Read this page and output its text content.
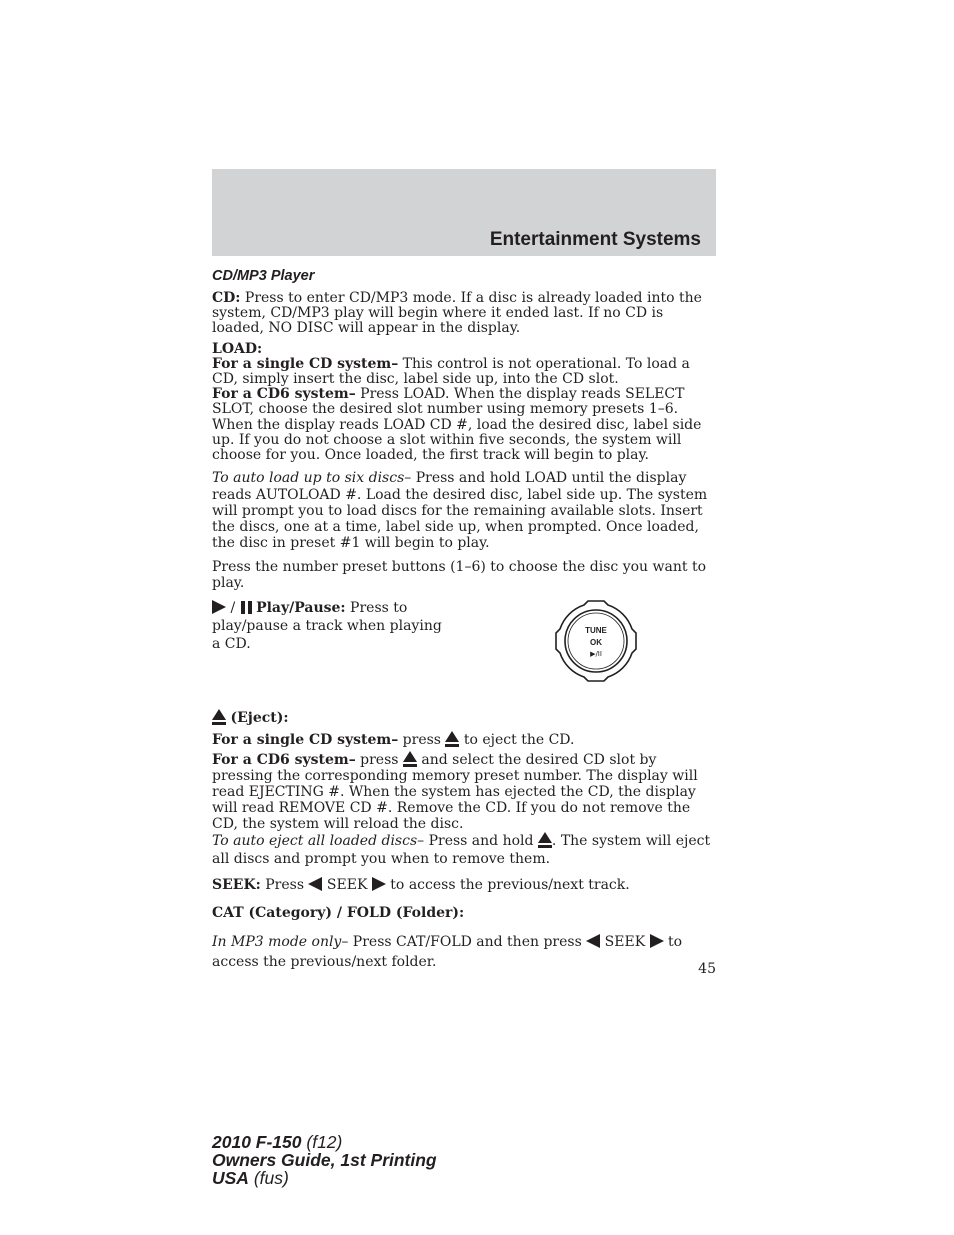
Entertainment Systems
CD/MP3 Player

CD: Press to enter CD/MP3 mode. If a disc is already loaded into the system, CD/MP3 play will begin where it ended last. If no CD is loaded, NO DISC will appear in the display.

LOAD:
For a single CD system– This control is not operational. To load a CD, simply insert the disc, label side up, into the CD slot.
For a CD6 system– Press LOAD. When the display reads SELECT SLOT, choose the desired slot number using memory presets 1–6. When the display reads LOAD CD #, load the desired disc, label side up. If you do not choose a slot within five seconds, the system will choose for you. Once loaded, the first track will begin to play.

To auto load up to six discs– Press and hold LOAD until the display reads AUTOLOAD #. Load the desired disc, label side up. The system will prompt you to load discs for the remaining available slots. Insert the discs, one at a time, label side up, when prompted. Once loaded, the disc in preset #1 will begin to play.

Press the number preset buttons (1–6) to choose the disc you want to play.

/  Play/Pause: Press to play/pause a track when playing a CD.
TUNE
OK
▶/II

(Eject):

For a single CD system– press
to eject the CD.

For a CD6 system– press
and select the desired CD slot by pressing the corresponding memory preset number. The display will read EJECTING #. When the system has ejected the CD, the display will read REMOVE CD #. Remove the CD. If you do not remove the CD, the system will reload the disc.

To auto eject all loaded discs– Press and hold
. The system will eject all discs and prompt you when to remove them.

SEEK: Press  SEEK  to access the previous/next track.

CAT (Category) / FOLD (Folder):

In MP3 mode only– Press CAT/FOLD and then press  SEEK  to access the previous/next folder.	45
2010 F-150 (f12)
Owners Guide, 1st Printing
USA (fus)
